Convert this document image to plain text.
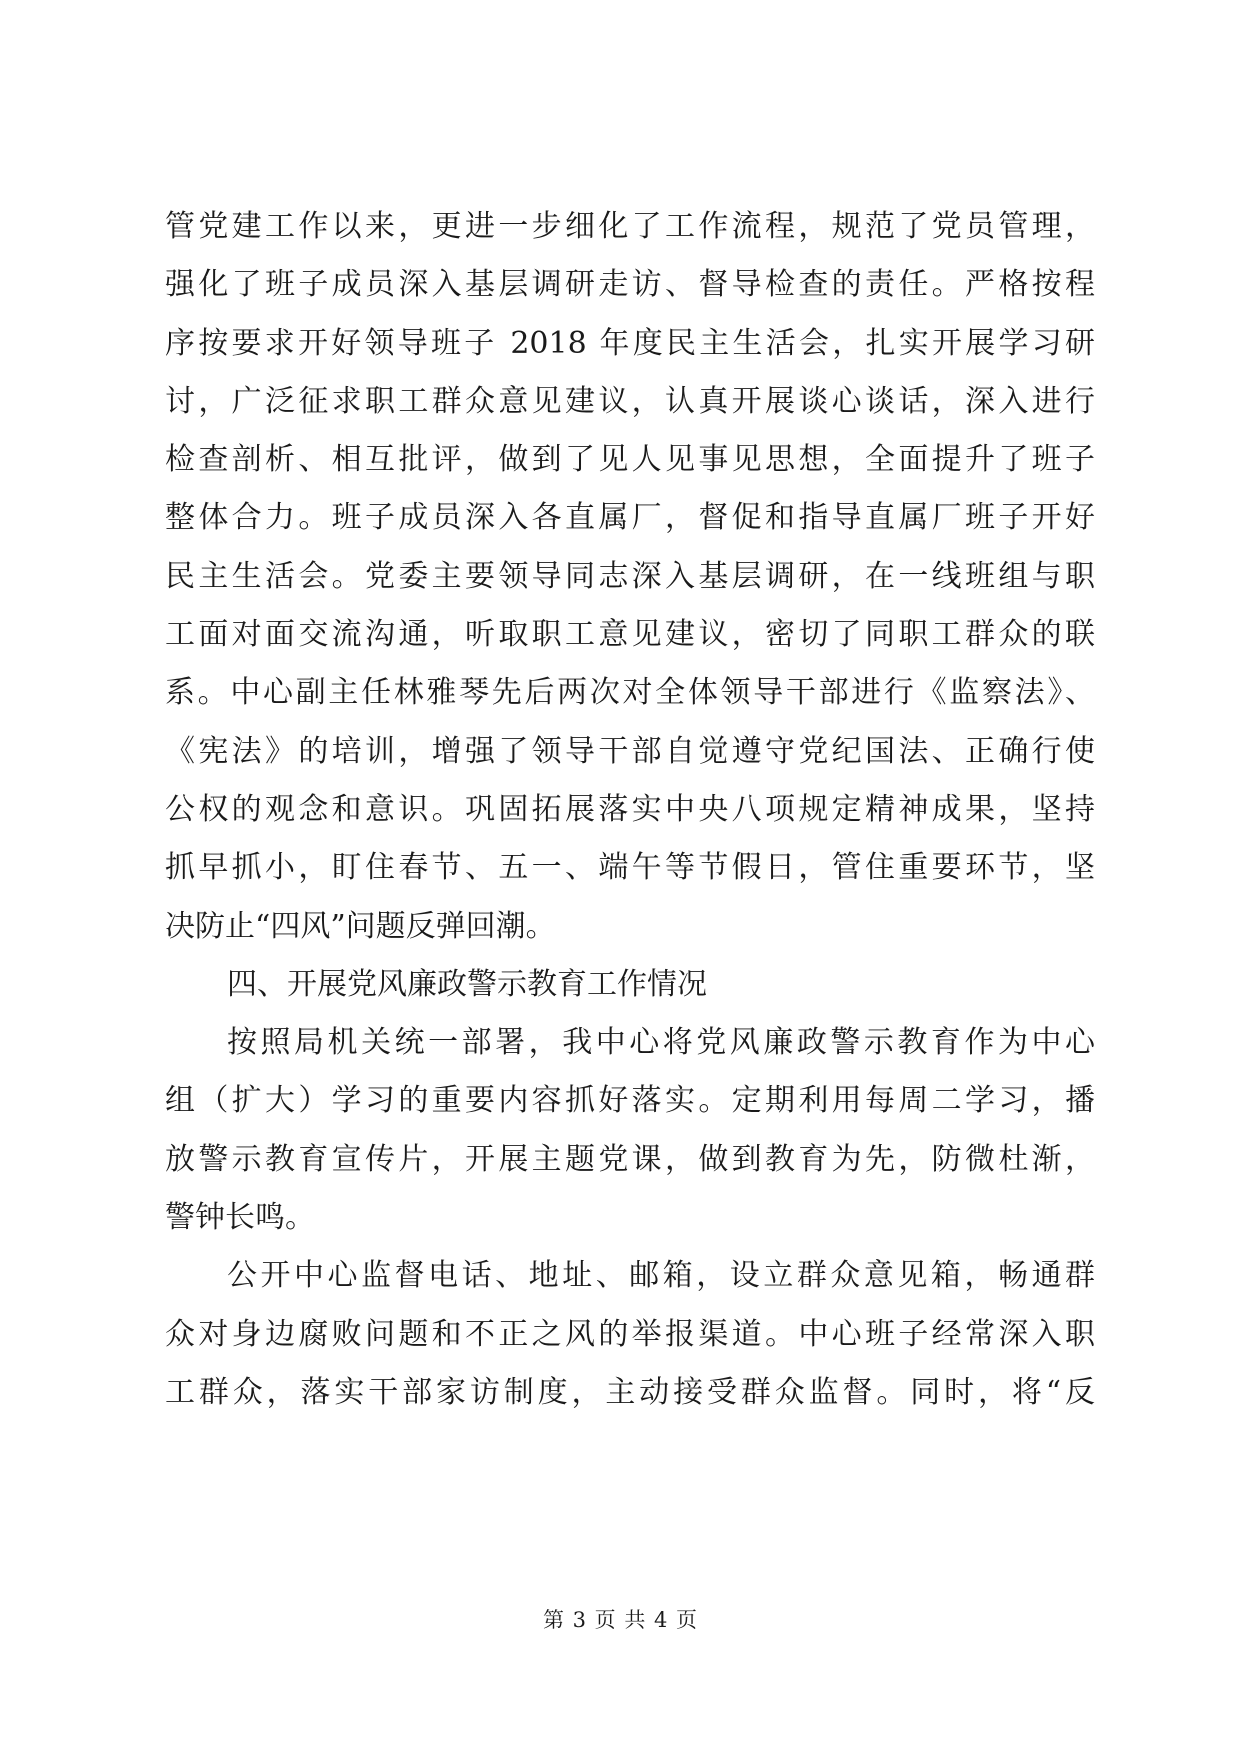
管党建工作以来，更进一步细化了工作流程，规范了党员管理，
强化了班子成员深入基层调研走访、督导检查的责任。严格按程
序按要求开好领导班子 2018 年度民主生活会，扎实开展学习研
讨，广泛征求职工群众意见建议，认真开展谈心谈话，深入进行
检查剖析、相互批评，做到了见人见事见思想，全面提升了班子
整体合力。班子成员深入各直属厂，督促和指导直属厂班子开好
民主生活会。党委主要领导同志深入基层调研，在一线班组与职
工面对面交流沟通，听取职工意见建议，密切了同职工群众的联
系。中心副主任林雅琴先后两次对全体领导干部进行《监察法》、
《宪法》的培训，增强了领导干部自觉遵守党纪国法、正确行使
公权的观念和意识。巩固拓展落实中央八项规定精神成果，坚持
抓早抓小，盯住春节、五一、端午等节假日，管住重要环节，坚
决防止“四风”问题反弹回潮。
四、开展党风廉政警示教育工作情况
按照局机关统一部署，我中心将党风廉政警示教育作为中心
组（扩大）学习的重要内容抓好落实。定期利用每周二学习，播
放警示教育宣传片，开展主题党课，做到教育为先，防微杜渐，
警钟长鸣。
公开中心监督电话、地址、邮箱，设立群众意见箱，畅通群
众对身边腐败问题和不正之风的举报渠道。中心班子经常深入职
工群众，落实干部家访制度，主动接受群众监督。同时，将“反
第 3 页 共 4 页
